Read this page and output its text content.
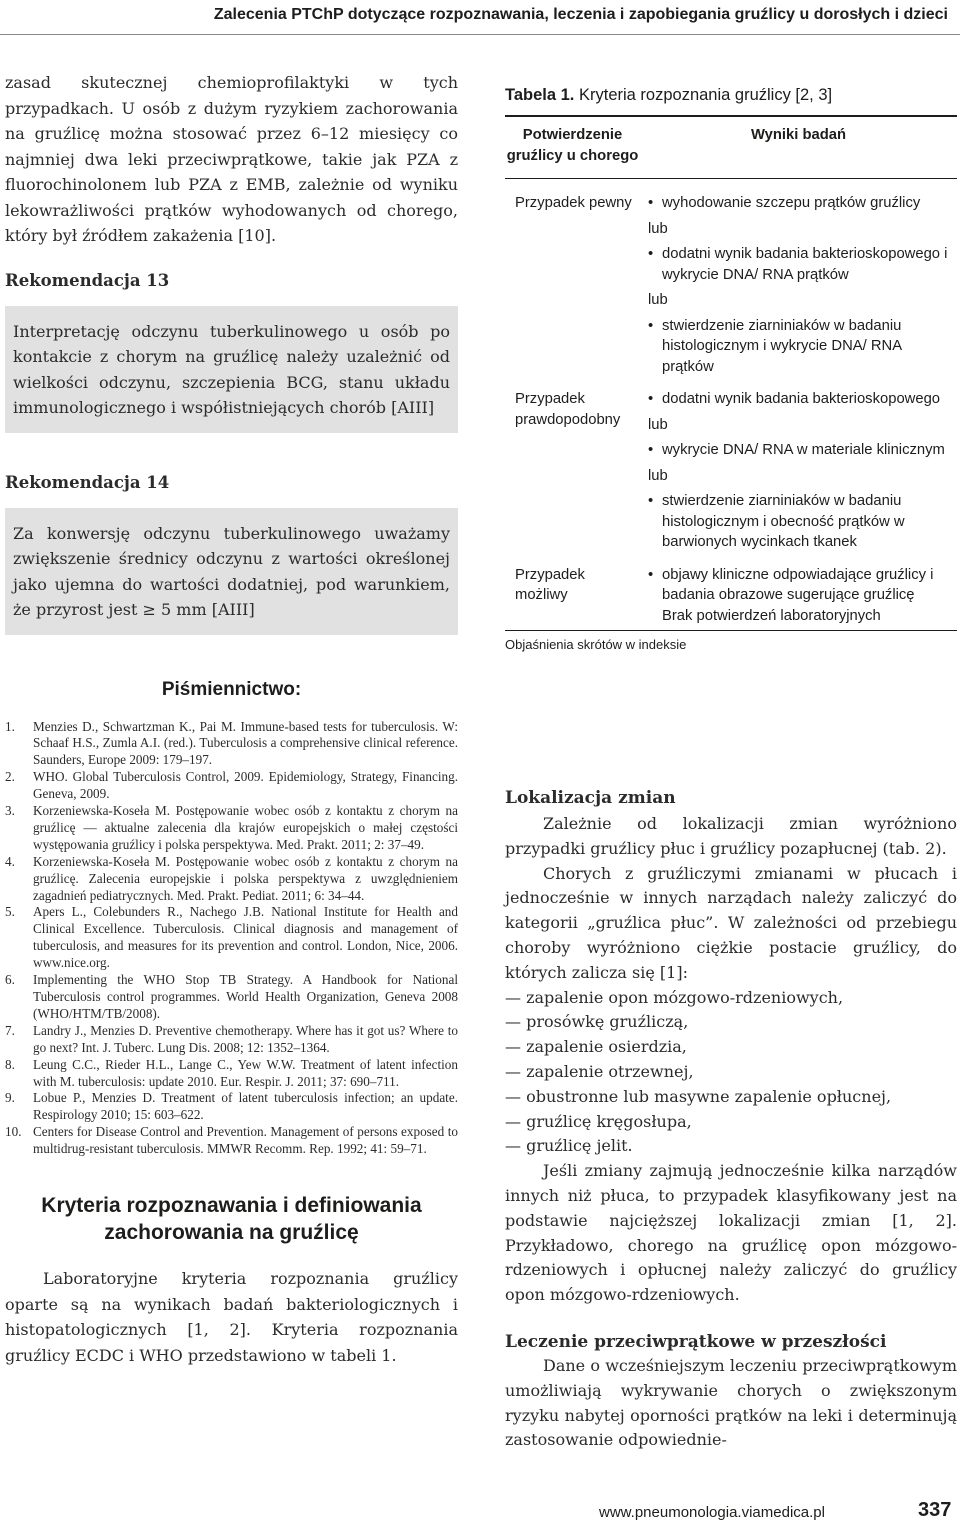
Zalecenia PTChP dotyczące rozpoznawania, leczenia i zapobiegania gruźlicy u dorosłych i dzieci

zasad skutecznej chemioprofilaktyki w tych przypadkach. U osób z dużym ryzykiem zachorowania na gruźlicę można stosować przez 6–12 miesięcy co najmniej dwa leki przeciwprątkowe, takie jak PZA z fluorochinolonem lub PZA z EMB, zależnie od wyniku lekowrażliwości prątków wyhodowanych od chorego, który był źródłem zakażenia [10].

Rekomendacja 13
Interpretację odczynu tuberkulinowego u osób po kontakcie z chorym na gruźlicę należy uzależnić od wielkości odczynu, szczepienia BCG, stanu układu immunologicznego i współistniejących chorób [AIII]
Rekomendacja 14
Za konwersję odczynu tuberkulinowego uważamy zwiększenie średnicy odczynu z wartości określonej jako ujemna do wartości dodatniej, pod warunkiem, że przyrost jest ≥ 5 mm [AIII]
Piśmiennictwo:
1. Menzies D., Schwartzman K., Pai M. Immune-based tests for tuberculosis. W: Schaaf H.S., Zumla A.I. (red.). Tuberculosis a comprehensive clinical reference. Saunders, Europe 2009: 179–197.
2. WHO. Global Tuberculosis Control, 2009. Epidemiology, Strategy, Financing. Geneva, 2009.
3. Korzeniewska-Koseła M. Postępowanie wobec osób z kontaktu z chorym na gruźlicę — aktualne zalecenia dla krajów europejskich o małej częstości występowania gruźlicy i polska perspektywa. Med. Prakt. 2011; 2: 37–49.
4. Korzeniewska-Koseła M. Postępowanie wobec osób z kontaktu z chorym na gruźlicę. Zalecenia europejskie i polska perspektywa z uwzględnieniem zagadnień pediatrycznych. Med. Prakt. Pediat. 2011; 6: 34–44.
5. Apers L., Colebunders R., Nachego J.B. National Institute for Health and Clinical Excellence. Tuberculosis. Clinical diagnosis and management of tuberculosis, and measures for its prevention and control. London, Nice, 2006. www.nice.org.
6. Implementing the WHO Stop TB Strategy. A Handbook for National Tuberculosis control programmes. World Health Organization, Geneva 2008 (WHO/HTM/TB/2008).
7. Landry J., Menzies D. Preventive chemotherapy. Where has it got us? Where to go next? Int. J. Tuberc. Lung Dis. 2008; 12: 1352–1364.
8. Leung C.C., Rieder H.L., Lange C., Yew W.W. Treatment of latent infection with M. tuberculosis: update 2010. Eur. Respir. J. 2011; 37: 690–711.
9. Lobue P., Menzies D. Treatment of latent tuberculosis infection; an update. Respirology 2010; 15: 603–622.
10. Centers for Disease Control and Prevention. Management of persons exposed to multidrug-resistant tuberculosis. MMWR Recomm. Rep. 1992; 41: 59–71.
Kryteria rozpoznawania i definiowania zachorowania na gruźlicę

Laboratoryjne kryteria rozpoznania gruźlicy oparte są na wynikach badań bakteriologicznych i histopatologicznych [1, 2]. Kryteria rozpoznania gruźlicy ECDC i WHO przedstawiono w tabeli 1.

Tabela 1. Kryteria rozpoznania gruźlicy [2, 3]
Potwierdzenie gruźlicy u chorego	Wyniki badań
Przypadek pewny	• wyhodowanie szczepu prątków gruźlicy
lub
• dodatni wynik badania bakterioskopowego i wykrycie DNA/ RNA prątków
lub
• stwierdzenie ziarniniaków w badaniu histologicznym i wykrycie DNA/ RNA prątków

Przypadek prawdopodobny	• dodatni wynik badania bakterioskopowego
lub
• wykrycie DNA/ RNA w materiale klinicznym
lub
• stwierdzenie ziarniniaków w badaniu histologicznym i obecność prątków w barwionych wycinkach tkanek

Przypadek możliwy	• objawy kliniczne odpowiadające gruźlicy i badania obrazowe sugerujące gruźlicę
Brak potwierdzeń laboratoryjnych
Objaśnienia skrótów w indeksie
Lokalizacja zmian

Zależnie od lokalizacji zmian wyróżniono przypadki gruźlicy płuc i gruźlicy pozapłucnej (tab. 2).

Chorych z gruźliczymi zmianami w płucach i jednocześnie w innych narządach należy zaliczyć do kategorii „gruźlica płuc”. W zależności od przebiegu choroby wyróżniono ciężkie postacie gruźlicy, do których zalicza się [1]:

— zapalenie opon mózgowo-rdzeniowych,
— prosówkę gruźliczą,
— zapalenie osierdzia,
— zapalenie otrzewnej,
— obustronne lub masywne zapalenie opłucnej,
— gruźlicę kręgosłupa,
— gruźlicę jelit.

Jeśli zmiany zajmują jednocześnie kilka narządów innych niż płuca, to przypadek klasyfikowany jest na podstawie najcięższej lokalizacji zmian [1, 2]. Przykładowo, chorego na gruźlicę opon mózgowo-rdzeniowych i opłucnej należy zaliczyć do gruźlicy opon mózgowo-rdzeniowych.

Leczenie przeciwprątkowe w przeszłości

Dane o wcześniejszym leczeniu przeciwprątkowym umożliwiają wykrywanie chorych o zwiększonym ryzyku nabytej oporności prątków na leki i determinują zastosowanie odpowiednie-

www.pneumonologia.viamedica.pl	337
